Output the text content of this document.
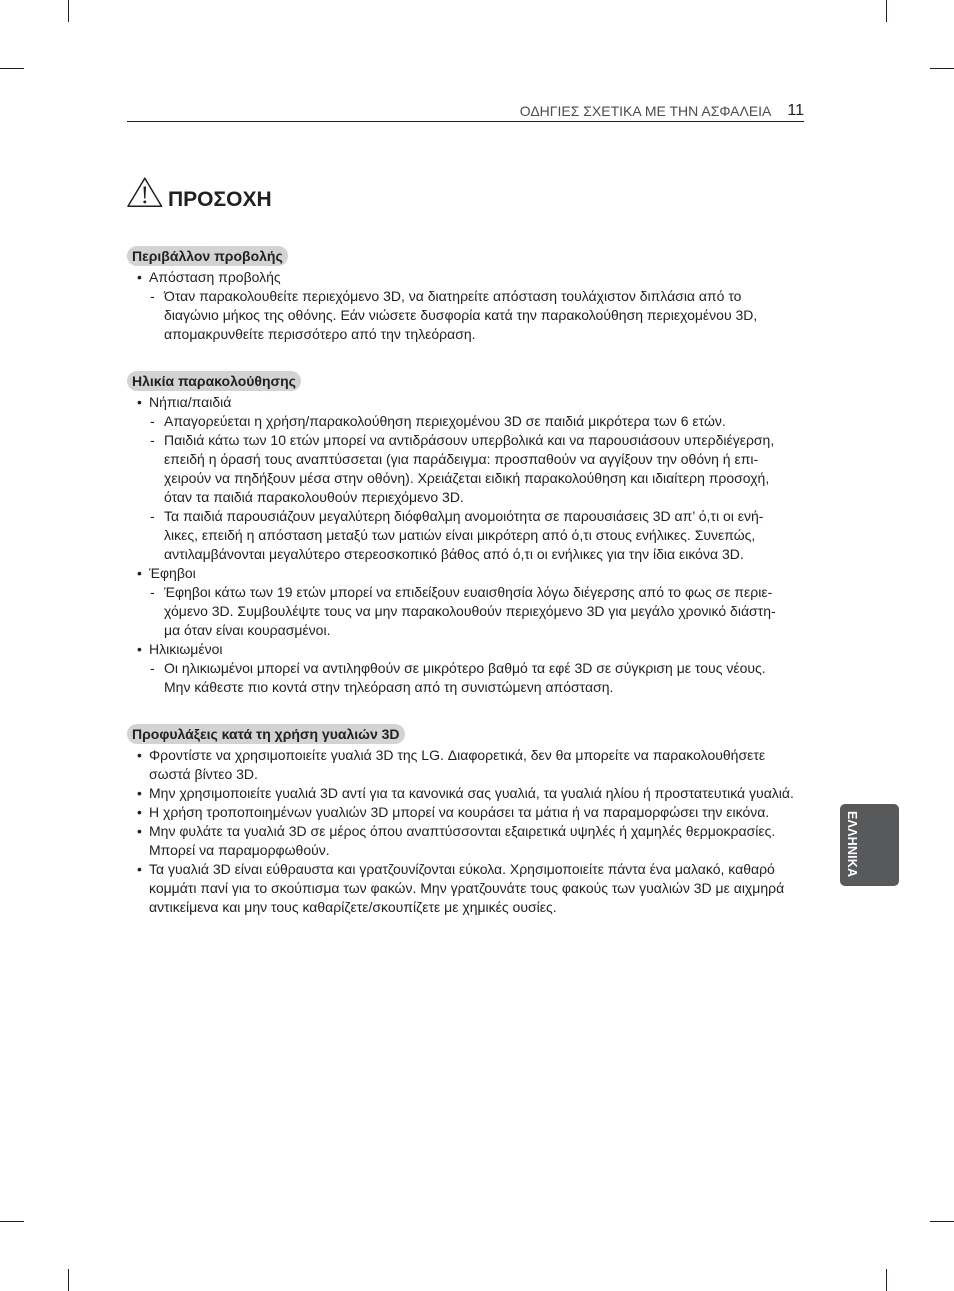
ΟΔΗΓΙΕΣ ΣΧΕΤΙΚΑ ΜΕ ΤΗΝ ΑΣΦΑΛΕΙΑ 11
ΠΡΟΣΟΧΗ
Περιβάλλον προβολής
• Απόσταση προβολής
- Όταν παρακολουθείτε περιεχόμενο 3D, να διατηρείτε απόσταση τουλάχιστον διπλάσια από το
διαγώνιο μήκος της οθόνης. Εάν νιώσετε δυσφορία κατά την παρακολούθηση περιεχομένου 3D,
απομακρυνθείτε περισσότερο από την τηλεόραση.
Ηλικία παρακολούθησης
• Νήπια/παιδιά
- Απαγορεύεται η χρήση/παρακολούθηση περιεχομένου 3D σε παιδιά μικρότερα των 6 ετών.
- Παιδιά κάτω των 10 ετών μπορεί να αντιδράσουν υπερβολικά και να παρουσιάσουν υπερδιέγερση,
επειδή η όρασή τους αναπτύσσεται (για παράδειγμα: προσπαθούν να αγγίξουν την οθόνη ή επι-
χειρούν να πηδήξουν μέσα στην οθόνη). Χρειάζεται ειδική παρακολούθηση και ιδιαίτερη προσοχή,
όταν τα παιδιά παρακολουθούν περιεχόμενο 3D.
- Τα παιδιά παρουσιάζουν μεγαλύτερη διόφθαλμη ανομοιότητα σε παρουσιάσεις 3D απ’ ό,τι οι ενή-
λικες, επειδή η απόσταση μεταξύ των ματιών είναι μικρότερη από ό,τι στους ενήλικες. Συνεπώς,
αντιλαμβάνονται μεγαλύτερο στερεοσκοπικό βάθος από ό,τι οι ενήλικες για την ίδια εικόνα 3D.
• Έφηβοι
- Έφηβοι κάτω των 19 ετών μπορεί να επιδείξουν ευαισθησία λόγω διέγερσης από το φως σε περιε-
χόμενο 3D. Συμβουλέψτε τους να μην παρακολουθούν περιεχόμενο 3D για μεγάλο χρονικό διάστη-
μα όταν είναι κουρασμένοι.
• Ηλικιωμένοι
- Οι ηλικιωμένοι μπορεί να αντιληφθούν σε μικρότερο βαθμό τα εφέ 3D σε σύγκριση με τους νέους.
Μην κάθεστε πιο κοντά στην τηλεόραση από τη συνιστώμενη απόσταση.
Προφυλάξεις κατά τη χρήση γυαλιών 3D
• Φροντίστε να χρησιμοποιείτε γυαλιά 3D της LG. Διαφορετικά, δεν θα μπορείτε να παρακολουθήσετε
σωστά βίντεο 3D.
• Μην χρησιμοποιείτε γυαλιά 3D αντί για τα κανονικά σας γυαλιά, τα γυαλιά ηλίου ή προστατευτικά γυαλιά.
• Η χρήση τροποποιημένων γυαλιών 3D μπορεί να κουράσει τα μάτια ή να παραμορφώσει την εικόνα.
• Μην φυλάτε τα γυαλιά 3D σε μέρος όπου αναπτύσσονται εξαιρετικά υψηλές ή χαμηλές θερμοκρασίες.
Μπορεί να παραμορφωθούν.
• Τα γυαλιά 3D είναι εύθραυστα και γρατζουνίζονται εύκολα. Χρησιμοποιείτε πάντα ένα μαλακό, καθαρό
κομμάτι πανί για το σκούπισμα των φακών. Μην γρατζουνάτε τους φακούς των γυαλιών 3D με αιχμηρά
αντικείμενα και μην τους καθαρίζετε/σκουπίζετε με χημικές ουσίες.
ΕΛΛΗΝΙΚΑ
